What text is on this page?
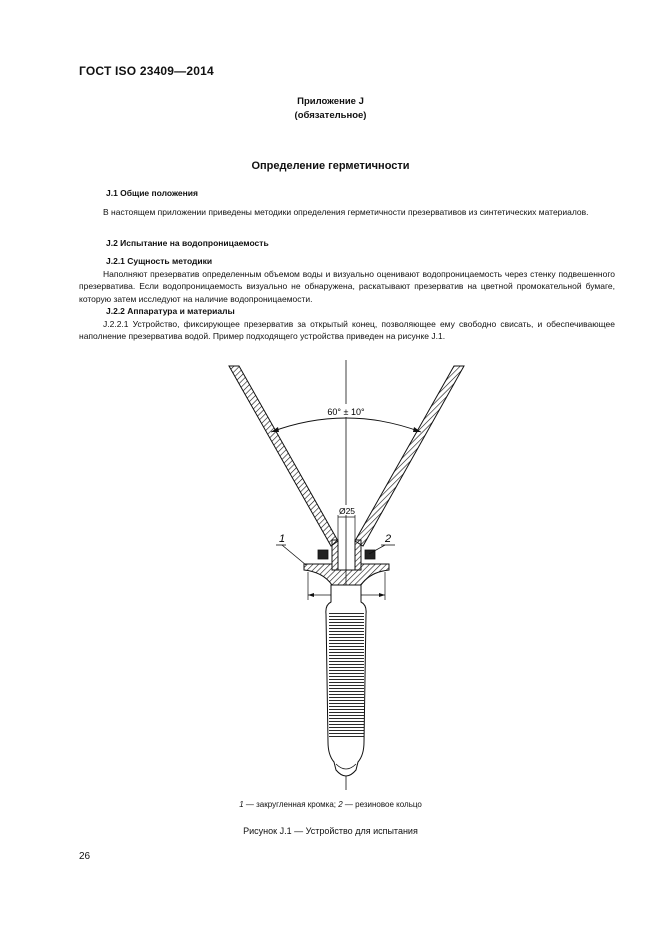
ГОСТ ISO 23409—2014
Приложение J
(обязательное)
Определение герметичности
J.1 Общие положения
В настоящем приложении приведены методики определения герметичности презервативов из синтетических материалов.
J.2 Испытание на водопроницаемость
J.2.1 Сущность методики
Наполняют презерватив определенным объемом воды и визуально оценивают водопроницаемость через стенку подвешенного презерватива. Если водопроницаемость визуально не обнаружена, раскатывают презерватив на цветной промокательной бумаге, которую затем исследуют на наличие водопроницаемости.
J.2.2 Аппаратура и материалы
J.2.2.1 Устройство, фиксирующее презерватив за открытый конец, позволяющее ему свободно свисать, и обеспечивающее наполнение презерватива водой. Пример подходящего устройства приведен на рисунке J.1.
60° ± 10°
Ø25
1	2
1 — закругленная кромка; 2 — резиновое кольцо
Рисунок J.1 — Устройство для испытания
26
